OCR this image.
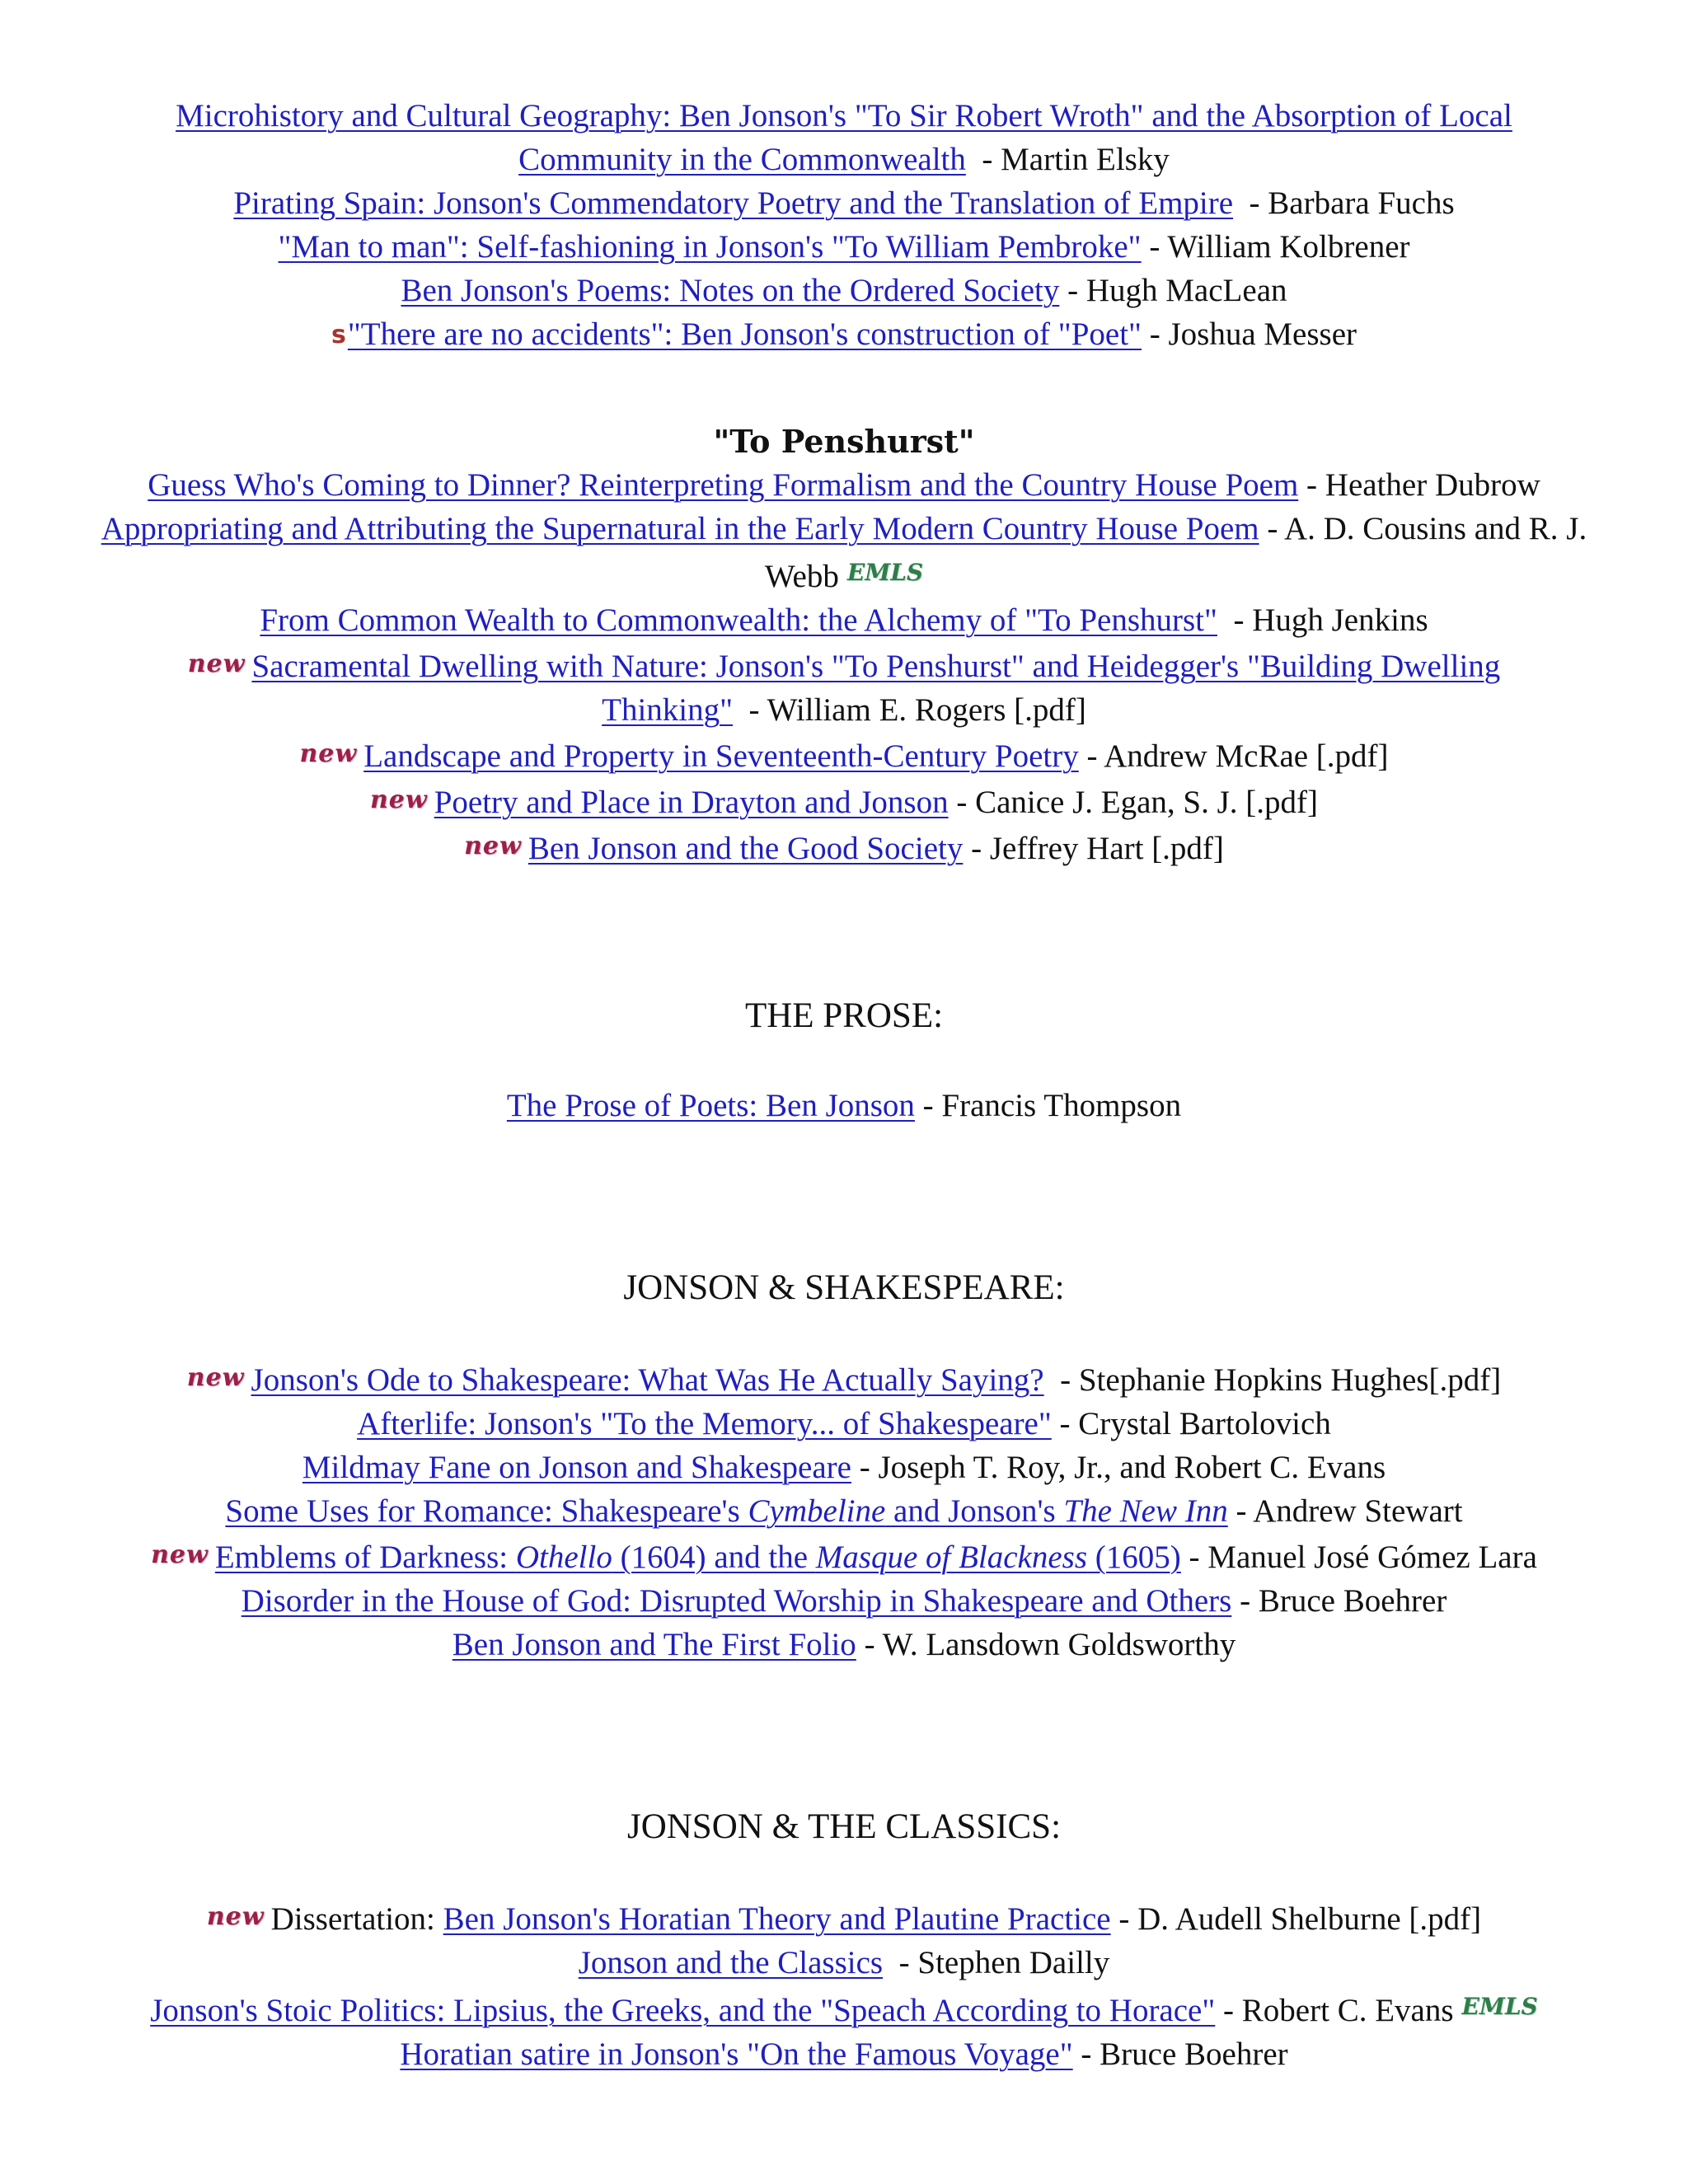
Microhistory and Cultural Geography: Ben Jonson's "To Sir Robert Wroth" and the Absorption of Local Community in the Commonwealth  - Martin Elsky

Pirating Spain: Jonson's Commendatory Poetry and the Translation of Empire  - Barbara Fuchs

"Man to man": Self-fashioning in Jonson's "To William Pembroke" - William Kolbrener

Ben Jonson's Poems: Notes on the Ordered Society - Hugh MacLean

s"There are no accidents": Ben Jonson's construction of "Poet" - Joshua Messer

"To Penshurst"

Guess Who's Coming to Dinner? Reinterpreting Formalism and the Country House Poem - Heather Dubrow

Appropriating and Attributing the Supernatural in the Early Modern Country House Poem - A. D. Cousins and R. J. Webb $^{EMLS}$

From Common Wealth to Commonwealth: the Alchemy of "To Penshurst"  - Hugh Jenkins

new Sacramental Dwelling with Nature: Jonson's "To Penshurst" and Heidegger's "Building Dwelling Thinking"  - William E. Rogers [.pdf]

new Landscape and Property in Seventeenth-Century Poetry - Andrew McRae [.pdf]

new Poetry and Place in Drayton and Jonson - Canice J. Egan, S. J. [.pdf]

new Ben Jonson and the Good Society - Jeffrey Hart [.pdf]

THE PROSE:

The Prose of Poets: Ben Jonson - Francis Thompson

JONSON & SHAKESPEARE:

new Jonson's Ode to Shakespeare: What Was He Actually Saying?  - Stephanie Hopkins Hughes[.pdf]

Afterlife: Jonson's "To the Memory... of Shakespeare" - Crystal Bartolovich

Mildmay Fane on Jonson and Shakespeare - Joseph T. Roy, Jr., and Robert C. Evans

Some Uses for Romance: Shakespeare's Cymbeline and Jonson's The New Inn - Andrew Stewart

new Emblems of Darkness: Othello (1604) and the Masque of Blackness (1605) - Manuel José Gómez Lara

Disorder in the House of God: Disrupted Worship in Shakespeare and Others - Bruce Boehrer

Ben Jonson and The First Folio - W. Lansdown Goldsworthy

JONSON & THE CLASSICS:

new Dissertation: Ben Jonson's Horatian Theory and Plautine Practice - D. Audell Shelburne [.pdf]

Jonson and the Classics  - Stephen Dailly

Jonson's Stoic Politics: Lipsius, the Greeks, and the "Speach According to Horace" - Robert C. Evans $^{EMLS}$

Horatian satire in Jonson's "On the Famous Voyage" - Bruce Boehrer
